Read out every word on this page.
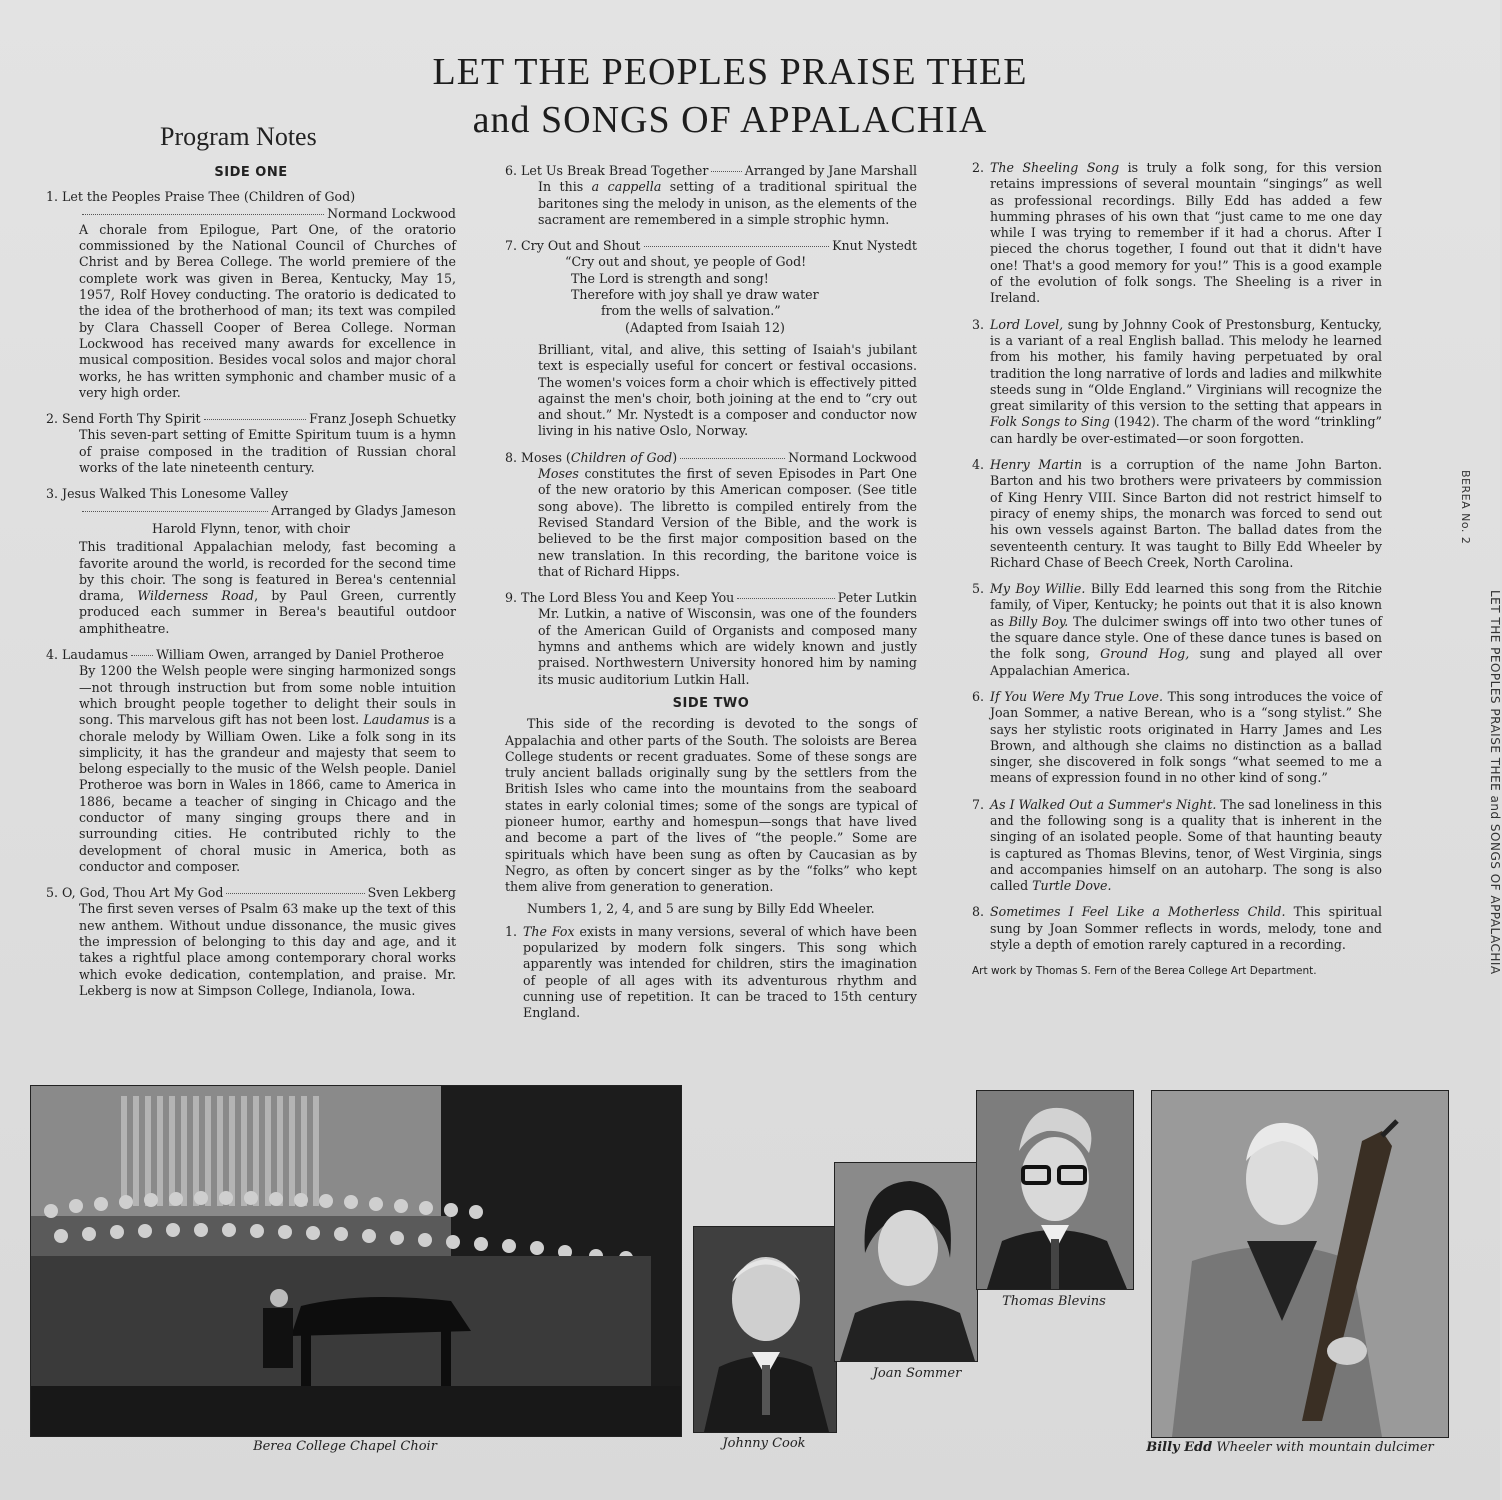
LET THE PEOPLES PRAISE THEE
and SONGS OF APPALACHIA
Program Notes
SIDE ONE
1.
Let the Peoples Praise Thee (Children of God)
Normand Lockwood
A chorale from Epilogue, Part One, of the oratorio commissioned by the National Council of Churches of Christ and by Berea College. The world premiere of the complete work was given in Berea, Kentucky, May 15, 1957, Rolf Hovey conducting. The oratorio is dedicated to the idea of the brotherhood of man; its text was compiled by Clara Chassell Cooper of Berea College. Norman Lockwood has received many awards for excellence in musical composition. Besides vocal solos and major choral works, he has written symphonic and chamber music of a very high order.
2.
Send Forth Thy Spirit	Franz Joseph Schuetky
This seven-part setting of Emitte Spiritum tuum is a hymn of praise composed in the tradition of Russian choral works of the late nineteenth century.
3.
Jesus Walked This Lonesome Valley
Arranged by Gladys Jameson
Harold Flynn, tenor, with choir
This traditional Appalachian melody, fast becoming a favorite around the world, is recorded for the second time by this choir. The song is featured in Berea's centennial drama, Wilderness Road, by Paul Green, currently produced each summer in Berea's beautiful outdoor amphitheatre.
4.
Laudamus William Owen, arranged by Daniel Protheroe
By 1200 the Welsh people were singing harmonized songs—not through instruction but from some noble intuition which brought people together to delight their souls in song. This marvelous gift has not been lost. Laudamus is a chorale melody by William Owen. Like a folk song in its simplicity, it has the grandeur and majesty that seem to belong especially to the music of the Welsh people. Daniel Protheroe was born in Wales in 1866, came to America in 1886, became a teacher of singing in Chicago and the conductor of many singing groups there and in surrounding cities. He contributed richly to the development of choral music in America, both as conductor and composer.
5.
O, God, Thou Art My God	Sven Lekberg
The first seven verses of Psalm 63 make up the text of this new anthem. Without undue dissonance, the music gives the impression of belonging to this day and age, and it takes a rightful place among contemporary choral works which evoke dedication, contemplation, and praise. Mr. Lekberg is now at Simpson College, Indianola, Iowa.
6.
Let Us Break Bread Together	Arranged by Jane Marshall
In this a cappella setting of a traditional spiritual the baritones sing the melody in unison, as the elements of the sacrament are remembered in a simple strophic hymn.
7.
Cry Out and Shout	Knut Nystedt
“Cry out and shout, ye people of God!
The Lord is strength and song!
Therefore with joy shall ye draw water
from the wells of salvation.”
(Adapted from Isaiah 12)
Brilliant, vital, and alive, this setting of Isaiah's jubilant text is especially useful for concert or festival occasions. The women's voices form a choir which is effectively pitted against the men's choir, both joining at the end to “cry out and shout.” Mr. Nystedt is a composer and conductor now living in his native Oslo, Norway.
8.
Moses (Children of God)	Normand Lockwood
Moses constitutes the first of seven Episodes in Part One of the new oratorio by this American composer. (See title song above). The libretto is compiled entirely from the Revised Standard Version of the Bible, and the work is believed to be the first major composition based on the new translation. In this recording, the baritone voice is that of Richard Hipps.
9.
The Lord Bless You and Keep You	Peter Lutkin
Mr. Lutkin, a native of Wisconsin, was one of the founders of the American Guild of Organists and composed many hymns and anthems which are widely known and justly praised. Northwestern University honored him by naming its music auditorium Lutkin Hall.
SIDE TWO
This side of the recording is devoted to the songs of Appalachia and other parts of the South. The soloists are Berea College students or recent graduates. Some of these songs are truly ancient ballads originally sung by the settlers from the British Isles who came into the mountains from the seaboard states in early colonial times; some of the songs are typical of pioneer humor, earthy and homespun—songs that have lived and become a part of the lives of “the people.” Some are spirituals which have been sung as often by Caucasian as by Negro, as often by concert singer as by the “folks” who kept them alive from generation to generation.
Numbers 1, 2, 4, and 5 are sung by Billy Edd Wheeler.
1. The Fox exists in many versions, several of which have been popularized by modern folk singers. This song which apparently was intended for children, stirs the imagination of people of all ages with its adventurous rhythm and cunning use of repetition. It can be traced to 15th century England.
2. The Sheeling Song is truly a folk song, for this version retains impressions of several mountain “singings” as well as professional recordings. Billy Edd has added a few humming phrases of his own that “just came to me one day while I was trying to remember if it had a chorus. After I pieced the chorus together, I found out that it didn't have one! That's a good memory for you!” This is a good example of the evolution of folk songs. The Sheeling is a river in Ireland.
3. Lord Lovel, sung by Johnny Cook of Prestonsburg, Kentucky, is a variant of a real English ballad. This melody he learned from his mother, his family having perpetuated by oral tradition the long narrative of lords and ladies and milkwhite steeds sung in “Olde England.” Virginians will recognize the great similarity of this version to the setting that appears in Folk Songs to Sing (1942). The charm of the word “trinkling” can hardly be over-estimated—or soon forgotten.
4. Henry Martin is a corruption of the name John Barton. Barton and his two brothers were privateers by commission of King Henry VIII. Since Barton did not restrict himself to piracy of enemy ships, the monarch was forced to send out his own vessels against Barton. The ballad dates from the seventeenth century. It was taught to Billy Edd Wheeler by Richard Chase of Beech Creek, North Carolina.
5. My Boy Willie. Billy Edd learned this song from the Ritchie family, of Viper, Kentucky; he points out that it is also known as Billy Boy. The dulcimer swings off into two other tunes of the square dance style. One of these dance tunes is based on the folk song, Ground Hog, sung and played all over Appalachian America.
6. If You Were My True Love. This song introduces the voice of Joan Sommer, a native Berean, who is a “song stylist.” She says her stylistic roots originated in Harry James and Les Brown, and although she claims no distinction as a ballad singer, she discovered in folk songs “what seemed to me a means of expression found in no other kind of song.”
7. As I Walked Out a Summer's Night. The sad loneliness in this and the following song is a quality that is inherent in the singing of an isolated people. Some of that haunting beauty is captured as Thomas Blevins, tenor, of West Virginia, sings and accompanies himself on an autoharp. The song is also called Turtle Dove.
8. Sometimes I Feel Like a Motherless Child. This spiritual sung by Joan Sommer reflects in words, melody, tone and style a depth of emotion rarely captured in a recording.
Art work by Thomas S. Fern of the Berea College Art Department.
BEREA No. 2
LET THE PEOPLES PRAISE THEE and SONGS OF APPALACHIA
Berea College Chapel Choir	Johnny Cook
Joan Sommer
Thomas Blevins
Billy Edd Wheeler with mountain dulcimer
